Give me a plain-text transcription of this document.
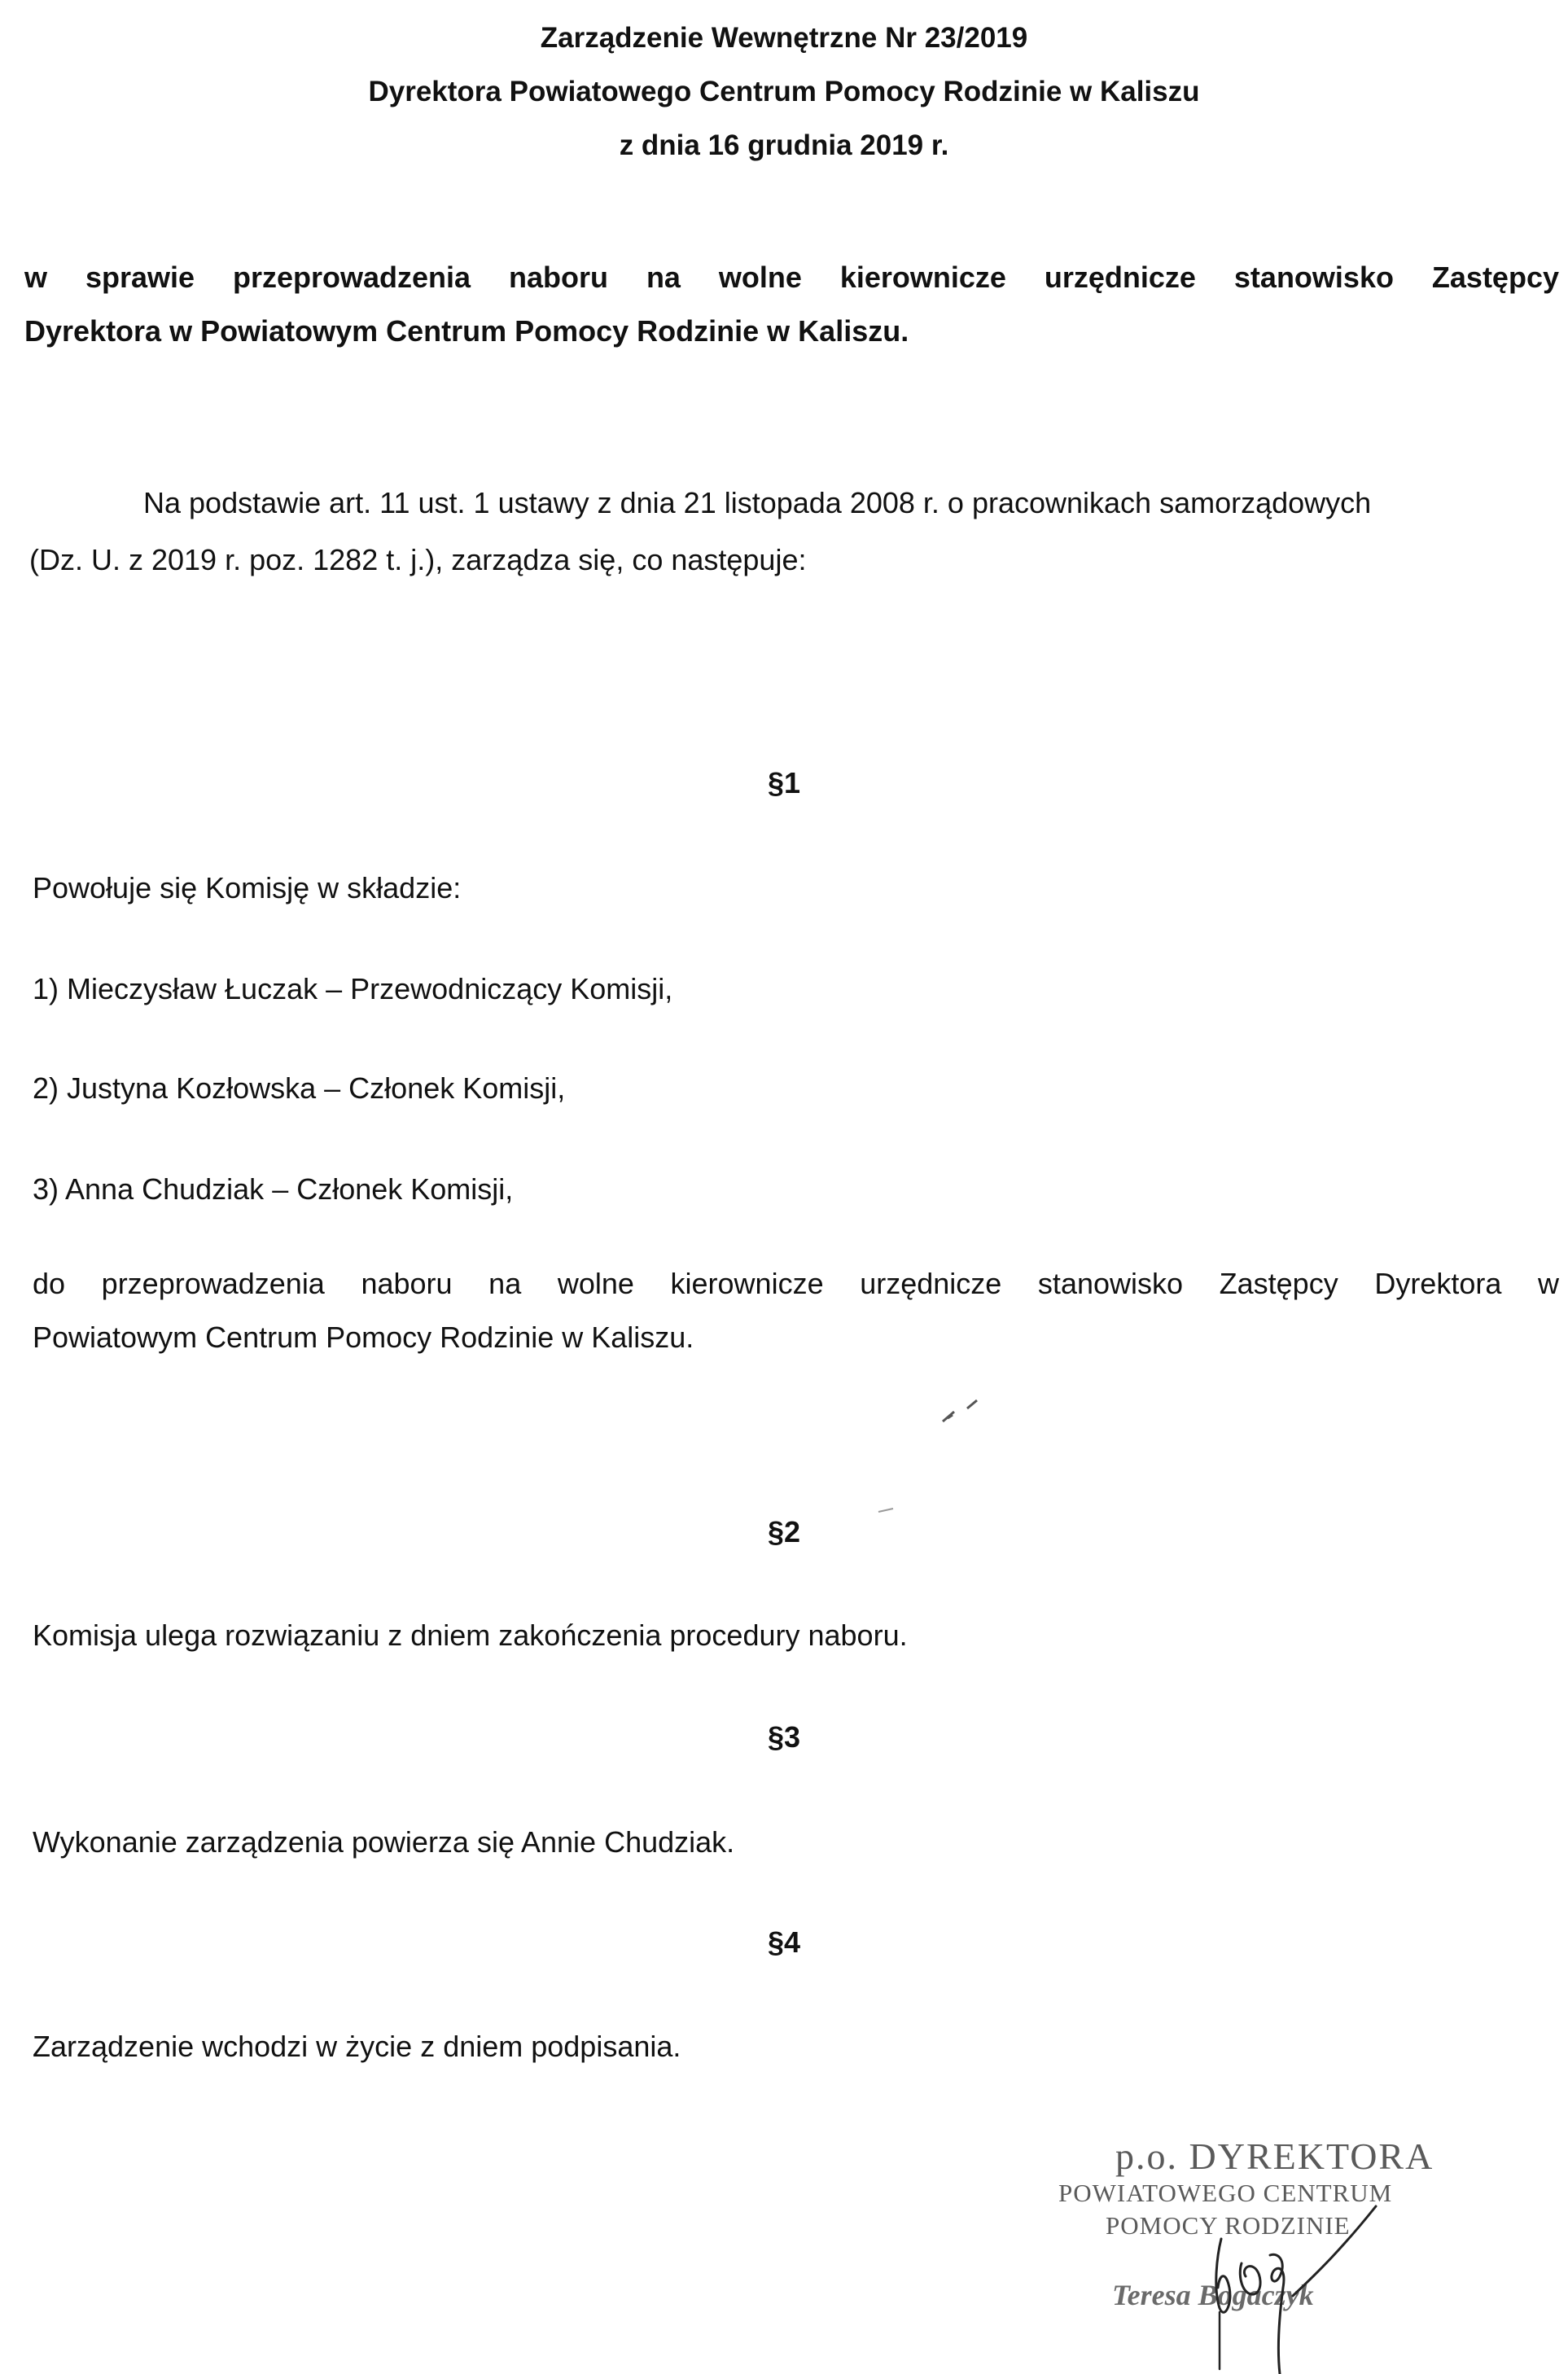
Zarządzenie Wewnętrzne Nr 23/2019
Dyrektora Powiatowego Centrum Pomocy Rodzinie w Kaliszu
z dnia 16 grudnia 2019 r.
w sprawie przeprowadzenia naboru na wolne kierownicze urzędnicze stanowisko Zastępcy
Dyrektora w Powiatowym Centrum Pomocy Rodzinie w Kaliszu.
Na podstawie art. 11 ust. 1 ustawy z dnia 21 listopada 2008 r. o pracownikach samorządowych
(Dz. U. z 2019 r. poz. 1282 t. j.), zarządza się, co następuje:
§1
Powołuje się Komisję w składzie:
1) Mieczysław Łuczak – Przewodniczący Komisji,
2) Justyna Kozłowska – Członek Komisji,
3) Anna Chudziak – Członek Komisji,
do przeprowadzenia naboru na wolne kierownicze urzędnicze stanowisko Zastępcy Dyrektora w
Powiatowym Centrum Pomocy Rodzinie w Kaliszu.
§2
Komisja ulega rozwiązaniu z dniem zakończenia procedury naboru.
§3
Wykonanie zarządzenia powierza się Annie Chudziak.
§4
Zarządzenie wchodzi w życie z dniem podpisania.
p.o. DYREKTORA
POWIATOWEGO CENTRUM
POMOCY RODZINIE
Teresa Bogaczyk
